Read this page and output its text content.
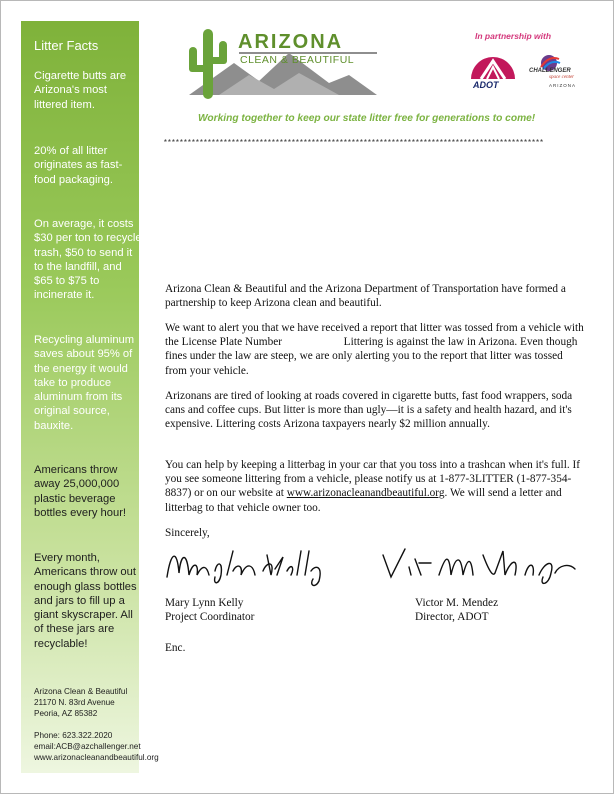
Litter Facts
Cigarette butts are Arizona's most littered item.
20% of all litter originates as fast-food packaging.
On average, it costs $30 per ton to recycle trash, $50 to send it to the landfill, and $65 to $75 to incinerate it.
Recycling aluminum saves about 95% of the energy it would take to produce aluminum from its original source, bauxite.
Americans throw away 25,000,000 plastic beverage bottles every hour!
Every month, Americans throw out enough glass bottles and jars to fill up a giant skyscraper. All of these jars are recyclable!
Arizona Clean & Beautiful
21170 N. 83rd Avenue
Peoria, AZ 85382
Phone: 623.322.2020
email:ACB@azchallenger.net
www.arizonacleanandbeautiful.org
ARIZONA
CLEAN & BEAUTIFUL
In partnership with
ADOT
CHALLENGER
space center
ARIZONA
Working together to keep our state litter free for generations to come!
***********************************************************************************************
Arizona Clean & Beautiful and the Arizona Department of Transportation have formed a partnership to keep Arizona clean and beautiful.
We want to alert you that we have received a report that litter was tossed from a vehicle with the License Plate Number	Littering is against the law in Arizona. Even though fines under the law are steep, we are only alerting you to the report that litter was tossed from your vehicle.
Arizonans are tired of looking at roads covered in cigarette butts, fast food wrappers, soda cans and coffee cups. But litter is more than ugly—it is a safety and health hazard, and it's expensive. Littering costs Arizona taxpayers nearly $2 million annually.
You can help by keeping a litterbag in your car that you toss into a trashcan when it's full. If you see someone littering from a vehicle, please notify us at 1-877-3LITTER (1-877-354-8837) or on our website at www.arizonacleanandbeautiful.org. We will send a letter and litterbag to that vehicle owner too.
Sincerely,
Mary Lynn Kelly
Project Coordinator
Victor M. Mendez
Director, ADOT
Enc.
